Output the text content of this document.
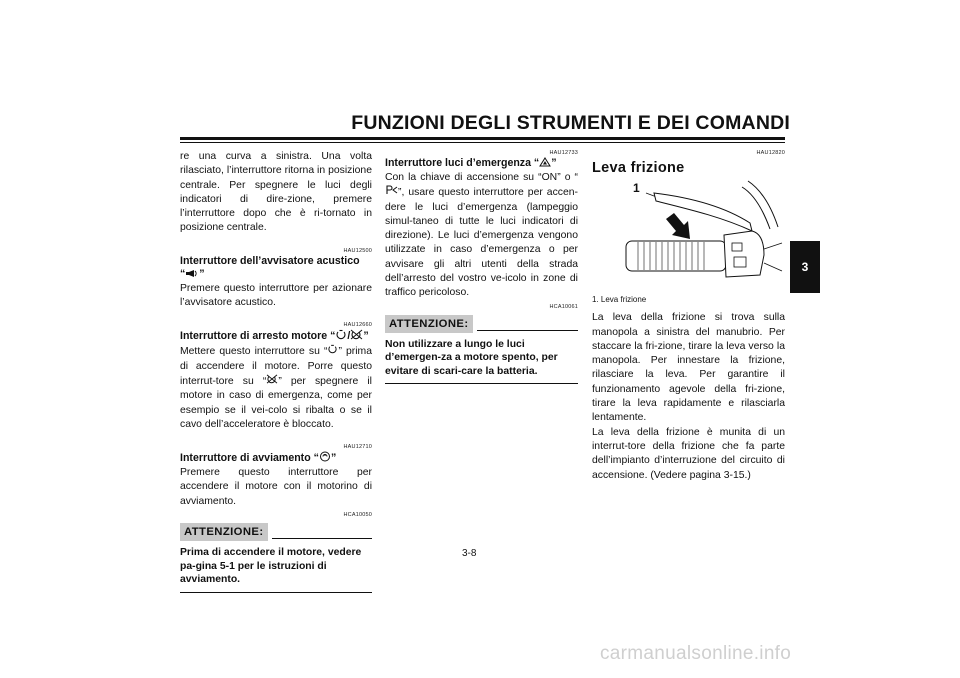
FUNZIONI DEGLI STRUMENTI E DEI COMANDI
3

re una curva a sinistra. Una volta rilasciato, l’interruttore ritorna in posizione centrale. Per spegnere le luci degli indicatori di dire-zione, premere l’interruttore dopo che è ri-tornato in posizione centrale.

HAU12500
Interruttore dell’avvisatore acustico
“ ”

Premere questo interruttore per azionare l’avvisatore acustico.

HAU12660
Interruttore di arresto motore “ / ”

Mettere questo interruttore su “ ” prima di accendere il motore. Porre questo interrut-tore su “ ” per spegnere il motore in caso di emergenza, come per esempio se il vei-colo si ribalta o se il cavo dell’acceleratore è bloccato.

HAU12710
Interruttore di avviamento “ ”

Premere questo interruttore per accendere il motore con il motorino di avviamento.

HCA10050
ATTENZIONE:

Prima di accendere il motore, vedere pa-gina 5-1 per le istruzioni di avviamento.

HAU12733
Interruttore luci d’emergenza “ ”

Con la chiave di accensione su “ON” o “”, usare questo interruttore per accen-dere le luci d’emergenza (lampeggio simul-taneo di tutte le luci indicatori di direzione). Le luci d’emergenza vengono utilizzate in caso d’emergenza o per avvisare gli altri utenti della strada dell’arresto del vostro ve-icolo in zone di traffico pericoloso.

HCA10061
ATTENZIONE:

Non utilizzare a lungo le luci d’emergen-za a motore spento, per evitare di scari-care la batteria.

HAU12820
Leva frizione
1
1. Leva frizione

La leva della frizione si trova sulla manopola a sinistra del manubrio. Per staccare la fri-zione, tirare la leva verso la manopola. Per innestare la frizione, rilasciare la leva. Per garantire il funzionamento agevole della fri-zione, tirare la leva rapidamente e rilasciarla lentamente.

La leva della frizione è munita di un interrut-tore della frizione che fa parte dell’impianto d’interruzione del circuito di accensione. (Vedere pagina 3-15.)

3-8
carmanualsonline.info
